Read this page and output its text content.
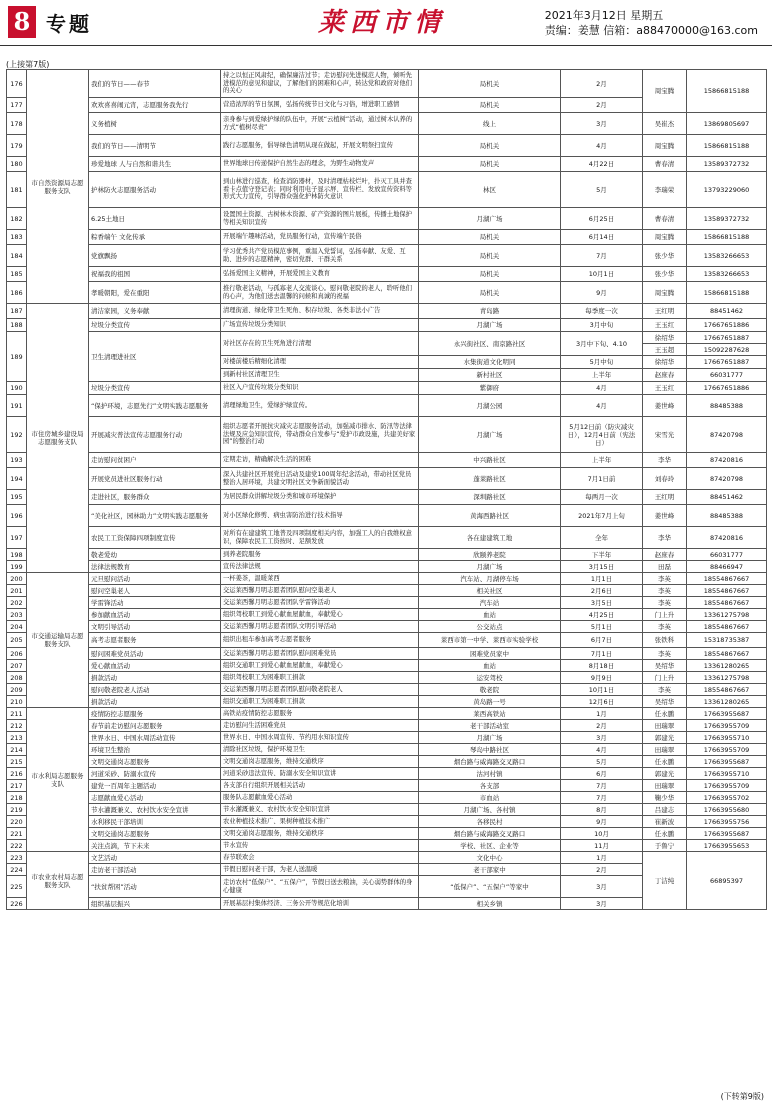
8 专题	莱西市情	2021年3月12日 星期五
责编：姜慧 信箱：a88470000@163.com
(上接第7版)
176	市自然资源局志愿服务支队	我们的节日——春节	持之以恒正风肃纪，确保廉洁过节；走访慰问先进模范人物，倾听先进模范的意见和建议，了解他们的困难和心声，转达党和政府对他们的关心	局机关	2月	周宝腾	15866815188
177		欢欢喜喜闹元宵，志愿服务我先行	营造浓厚的节日氛围，弘扬传统节日文化与习俗，增进职工感情	局机关	2月		
178		义务植树	亲身参与到爱绿护绿的队伍中，开展“云植树”活动，通过树木认养的方式“植树尽责”	线上	3月	吴崔杰	13869805697
179		我们的节日——清明节	践行志愿服务，倡导绿色清明从现在做起，开展文明祭扫宣传	局机关	4月	周宝腾	15866815188
180		珍爱地球 人与自然和谐共生	世界地球日传递保护自然生态的理念，为野生动物发声	局机关	4月22日	曹春清	13589372732
181		护林防火志愿服务活动	到山林进行巡查，检查消防器材，及时清理枯枝烂叶，扑灭工具并查看卡点值守登记表；同时利用电子显示屏、宣传栏、发放宣传资料等形式大力宣传，引导群众强化护林防火意识	林区	5月	李瑞荣	13793229060
182		6.25土地日	设置国土资源、古树林木资源、矿产资源的图片展板，传播土地保护等相关知识宣传	月湖广场	6月25日	曹春清	13589372732
183		粽香端午 文化传承	开展端午趣味活动，党员服务行动，宣传端午民俗	局机关	6月14日	周宝腾	15866815188
184		党旗飘扬	学习优秀共产党员模范事例，重温入党誓词，弘扬奉献、友爱、互助、进步的志愿精神，密切党群、干群关系	局机关	7月	张少华	13583266653
185		祝福我的祖国	弘扬爱国主义精神，开展爱国主义教育	局机关	10月1日	张少华	13583266653
186		孝暖朝阳，爱在重阳	推行敬老活动，与孤寡老人交流谈心。慰问敬老院的老人，聆听他们的心声，为他们送去温馨的问候和真诚的祝福	局机关	9月	周宝腾	15866815188
187	市住房城乡建设局志愿服务支队	清洁家园，义务奉献	清理街道、绿化带卫生死角、积存垃圾、各类非法小广告	青岛路	每季度一次	王红明	88451462
188		垃圾分类宣传	广场宣传垃圾分类知识	月湖广场	3月中旬	王玉红	17667651886
189		卫生清理进社区	对社区存在的卫生死角进行清理	永兴街社区、南京路社区	3月中下旬、4.10	徐绍华	17667651887
						王玉超	15092287628
			对楼前楼后精细化清理	水集街道文化明同	5月中旬	徐绍华	17667651887
			到新村社区清理卫生	新村社区	上半年	赵庶春	66031777
190		垃圾分类宣传	社区入户宣传垃圾分类知识	紫御府	4月	王玉红	17667651886
191		“保护环境，志愿先行”文明实践志愿服务	清理绿地卫生，爱绿护绿宣传。	月湖公园	4月	姜世峰	88485388
192		开展减灾普法宣传志愿服务行动	组织志愿者开展抗灾减灾志愿服务活动，加强减市排水、防汛等法律法规及应急知识宣传，带动群众自发参与“爱护市政设施，共建美好家园”的整治行动	月湖广场	5月12日前（防灾减灾日），12月4日前（宪法日）	宋雪光	87420798
193		走访慰问贫困户	定期走访，精确解决生活的困难	中兴路社区	上半年	李华	87420816
194		开展党员进社区服务行动	深入共建社区开展党日活动及建党100周年纪念活动，带动社区党员整治人居环境，共建文明社区文争新面貌活动	蓬莱路社区	7月1日前	刘春玲	87420798
195		走进社区，服务群众	为居民群众讲解垃圾分类和城市环境保护	深圳路社区	每两月一次	王红明	88451462
196		“美化社区，园林助力”文明实践志愿服务	对小区绿化修剪、病虫害防治进行技术指导	黄海西路社区	2021年7月上旬	姜世峰	88485388
197		农民工工资保障四项制度宣传	对所有在建建筑工地普及四项制度相关内容，加强工人的自我维权意识，保障农民工工资按时、足额发放	各在建建筑工地	全年	李华	87420816
198		敬老爱幼	到养老院服务	欣颐养老院	下半年	赵庶春	66031777
199		法律法规教育	宣传法律法规	月湖广场	3月15日	田磊	88466947
200	市交通运输局志愿服务支队	元旦慰问活动	一杯姜茶，温暖莱西	汽车站、月湖停车场	1月1日	李英	18554867667
201		慰问空巢老人	交运莱西馨月明志愿者团队慰问空巢老人	相关社区	2月6日	李英	18554867667
202		学雷锋活动	交运莱西馨月明志愿者团队学雷锋活动	汽车站	3月5日	李英	18554867667
203		参加献血活动	组织驾校职工到爱心献血屋献血，奉献爱心	血站	4月25日	门上升	13361275798
204		文明引导活动	交运莱西馨月明志愿者团队文明引导活动	公交站点	5月1日	李英	18554867667
205		高考志愿者服务	组织出租车参加高考志愿者服务	莱西市第一中学、莱西市实验学校	6月7日	张铁科	15318735387
206		慰问困难党员活动	交运莱西馨月明志愿者团队慰问困难党员	困难党员家中	7月1日	李英	18554867667
207		爱心献血活动	组织交通职工到爱心献血屋献血，奉献爱心	血站	8月18日	吴绍华	13361280265
208		捐款活动	组织驾校职工为困难职工捐款	运安驾校	9月9日	门上升	13361275798
209		慰问敬老院老人活动	交运莱西馨月明志愿者团队慰问敬老院老人	敬老院	10月1日	李英	18554867667
210		捐款活动	组织交通职工为困难职工捐款	黄岛路一号	12月6日	吴绍华	13361280265
211	市水利局志愿服务支队	疫情防控志愿服务	高铁站疫情防控志愿服务	莱西高铁站	1月	任永鹏	17663955687
212		春节前走访慰问志愿服务	走访慰问生活困难党员	老干部活动室	2月	田瑞翠	17663955709
213		世界水日、中国水周活动宣传	世界水日、中国水周宣传、节约用水知识宣传	月湖广场	3月	郭建光	17663955710
214		环境卫生整治	清除社区垃圾，保护环境卫生	琴岛中路社区	4月	田瑞翠	17663955709
215		文明交通岗志愿服务	文明交通岗志愿服务，维持交通秩序	烟台路与威海路交叉路口	5月	任永鹏	17663955687
216		河道采砂、防溺水宣传	河道采砂违法宣传、防溺水安全知识宣讲	沽河村镇	6月	郭建光	17663955710
217		建党一百周年主题活动	各支部自行组织开展相关活动	各支部	7月	田瑞翠	17663955709
218		志愿献血爱心活动	服务队志愿献血爱心活动	市血站	7月	鞠少华	17663955702
219		节水灌溉兼义、农村饮水安全宣讲	节水灌溉兼义、农村饮水安全知识宣讲	月湖广场、各村镇	8月	吕建志	17663955680
220		水利移民干部培训	农业种植技术推广、果树种植技术推广	各移民村	9月	崔新波	17663955756
221		文明交通岗志愿服务	文明交通岗志愿服务，维持交通秩序	烟台路与威海路交叉路口	10月	任永鹏	17663955687
222		关注点滴，节下未来	节水宣传	学校、社区、企业等	11月	于鲁宁	17663955653
223	市农业农村局志愿服务支队	文艺活动	春节联欢会	文化中心	1月	丁洁纯	66895397
224		走访老干部活动	节假日慰问老干部，为老人送温暖	老干部家中	2月		
225		“扶贫帮困”活动	走访农村“低保户”、“五保户”，节假日送去粮油，关心弱势群体的身心健康	“低保户”、“五保户”等家中	3月		
226		组织基层振兴	开展基层村集体经济、三务公开等规范化培训	相关乡镇	3月		
(下转第9版)
